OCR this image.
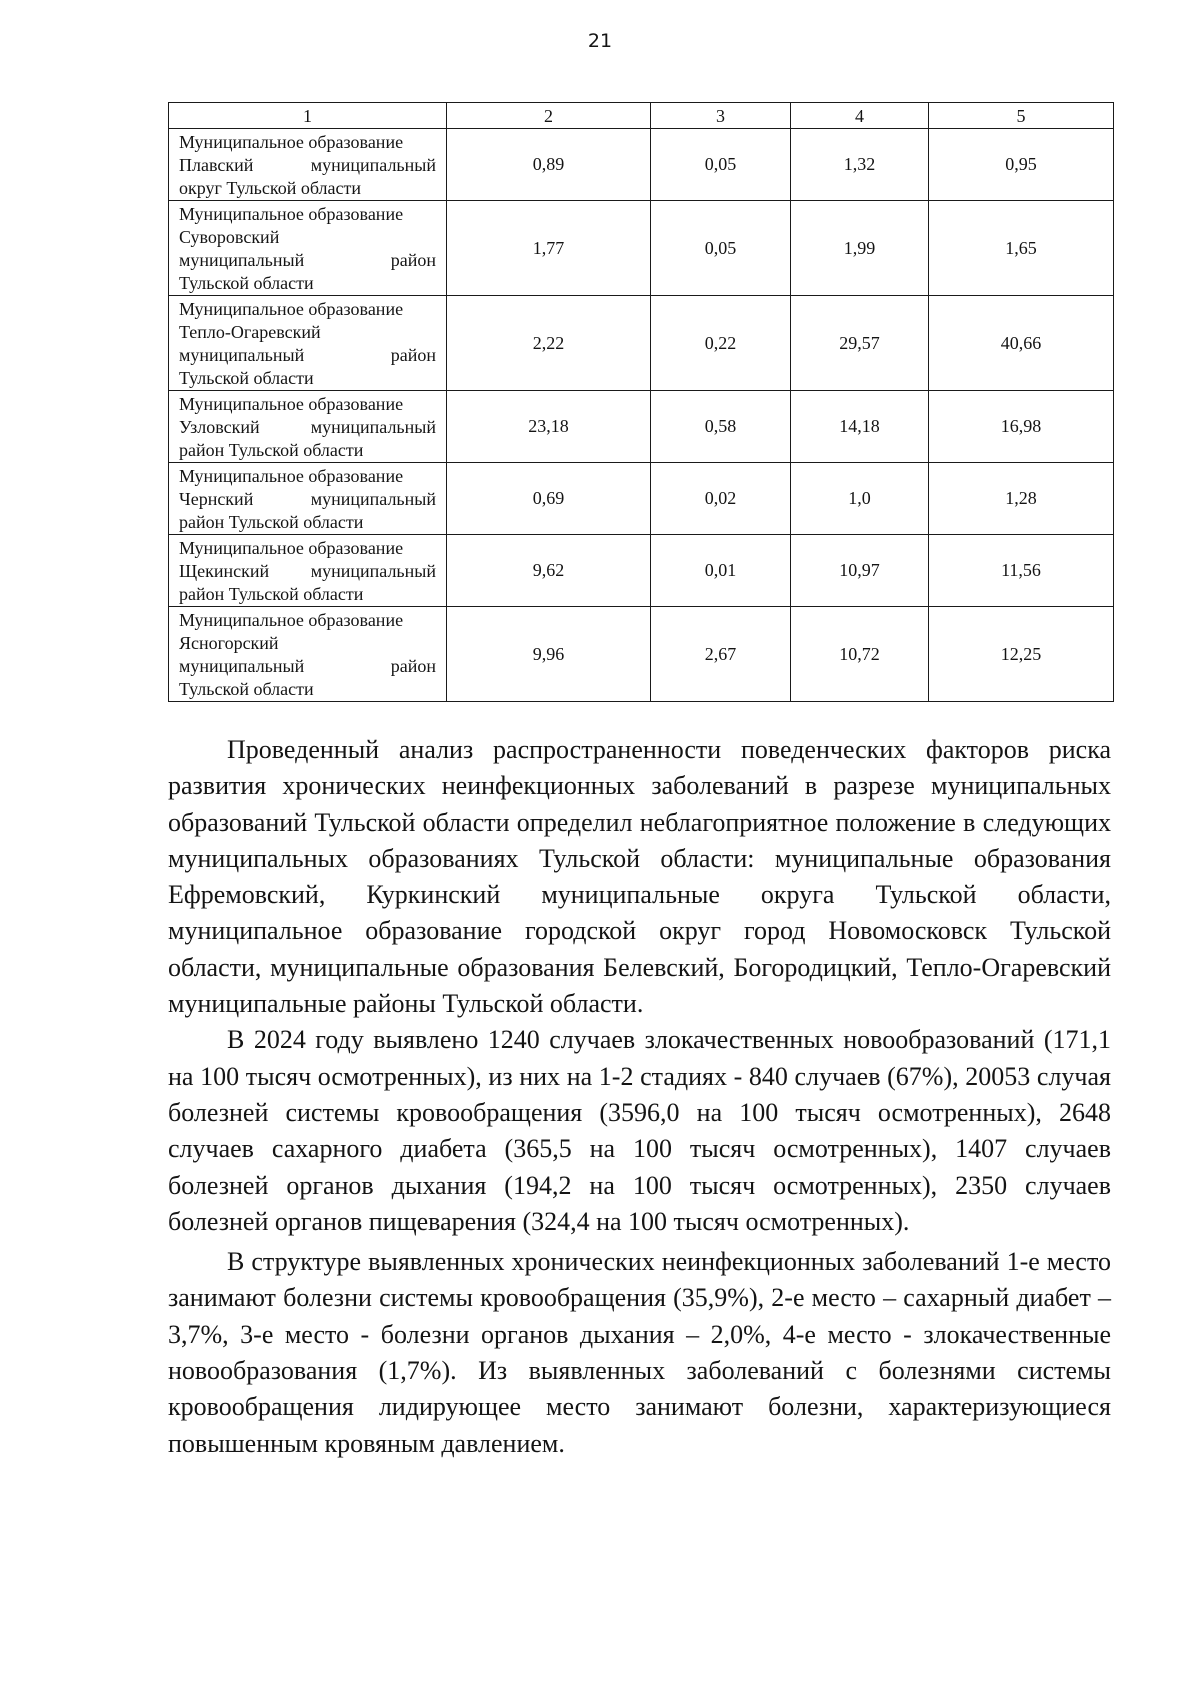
21
1	2	3	4	5

Муниципальное образование
Плавский муниципальный
округ Тульской области	0,89	0,05	1,32	0,95

Муниципальное образование
Суворовский
муниципальный район
Тульской области	1,77	0,05	1,99	1,65

Муниципальное образование
Тепло-Огаревский
муниципальный район
Тульской области	2,22	0,22	29,57	40,66

Муниципальное образование
Узловский муниципальный
район Тульской области	23,18	0,58	14,18	16,98

Муниципальное образование
Чернский муниципальный
район Тульской области	0,69	0,02	1,0	1,28

Муниципальное образование
Щекинский муниципальный
район Тульской области	9,62	0,01	10,97	11,56

Муниципальное образование
Ясногорский
муниципальный район
Тульской области	9,96	2,67	10,72	12,25

Проведенный анализ распространенности поведенческих факторов риска развития хронических неинфекционных заболеваний в разрезе муниципальных образований Тульской области определил неблагоприятное положение в следующих муниципальных образованиях Тульской области: муниципальные образования Ефремовский, Куркинский муниципальные округа Тульской области, муниципальное образование городской округ город Новомосковск Тульской области, муниципальные образования Белевский, Богородицкий, Тепло-Огаревский муниципальные районы Тульской области.

В 2024 году выявлено 1240 случаев злокачественных новообразований (171,1 на 100 тысяч осмотренных), из них на 1-2 стадиях - 840 случаев (67%), 20053 случая болезней системы кровообращения (3596,0 на 100 тысяч осмотренных), 2648 случаев сахарного диабета (365,5 на 100 тысяч осмотренных), 1407 случаев болезней органов дыхания (194,2 на 100 тысяч осмотренных), 2350 случаев болезней органов пищеварения (324,4 на 100 тысяч осмотренных).

В структуре выявленных хронических неинфекционных заболеваний 1-е место занимают болезни системы кровообращения (35,9%), 2-е место – сахарный диабет – 3,7%, 3-е место - болезни органов дыхания – 2,0%, 4-е место - злокачественные новообразования (1,7%). Из выявленных заболеваний с болезнями системы кровообращения лидирующее место занимают болезни, характеризующиеся повышенным кровяным давлением.
